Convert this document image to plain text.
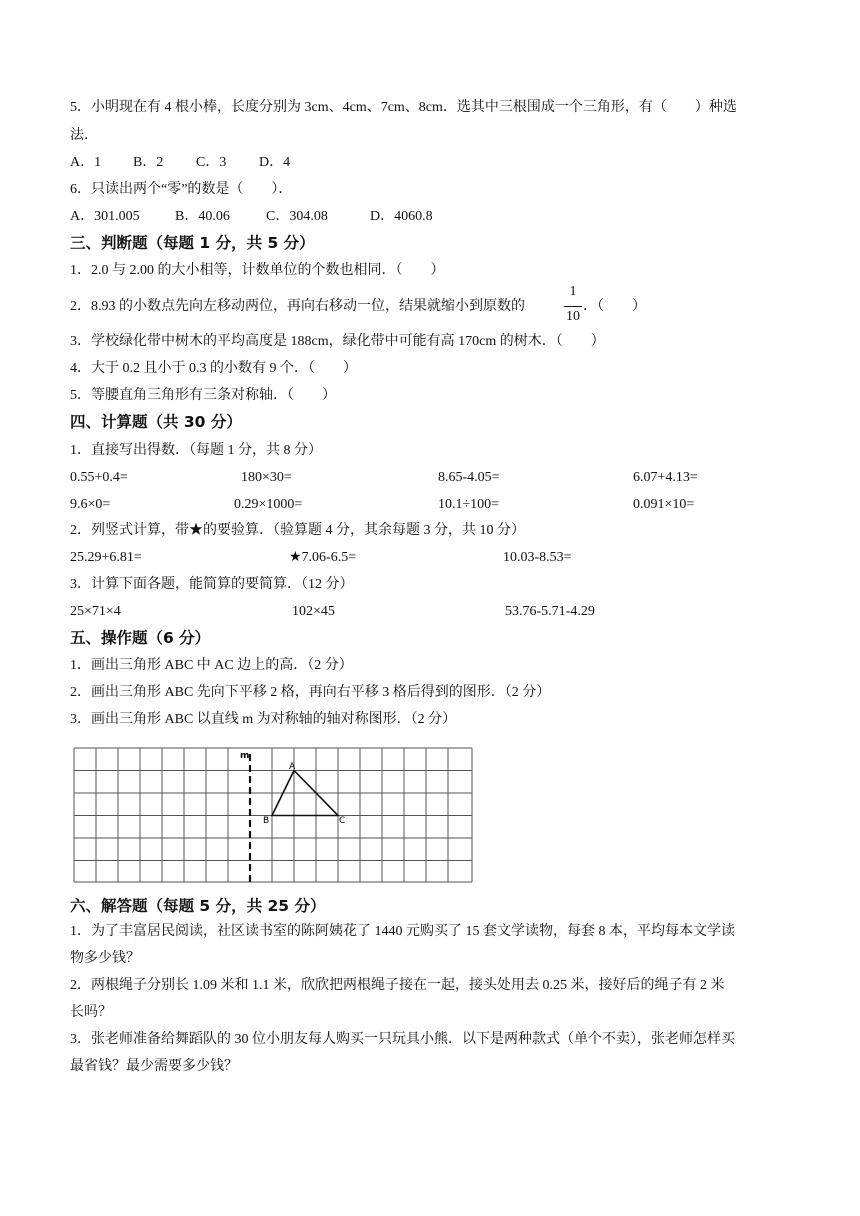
5．小明现在有 4 根小棒，长度分别为 3cm、4cm、7cm、8cm．选其中三根围成一个三角形，有（　　）种选
法．
A．1 B．2 C．3 D．4
6．只读出两个“零”的数是（　　）．
A．301.005	B．40.06	C．304.08	D．4060.8
三、判断题（每题 1 分，共 5 分）
1．2.0 与 2.00 的大小相等，计数单位的个数也相同．（　　）
2．8.93 的小数点先向左移动两位，再向右移动一位，结果就缩小到原数的
1
10
．（　　）
3．学校绿化带中树木的平均高度是 188cm，绿化带中可能有高 170cm 的树木．（　　）
4．大于 0.2 且小于 0.3 的小数有 9 个．（　　）
5．等腰直角三角形有三条对称轴．（　　）
四、计算题（共 30 分）
1．直接写出得数．（每题 1 分，共 8 分）
0.55+0.4=	180×30=	8.65-4.05=	6.07+4.13=
9.6×0=	0.29×1000=	10.1÷100=	0.091×10=
2．列竖式计算，带★的要验算．（验算题 4 分，其余每题 3 分，共 10 分）
25.29+6.81=	★7.06-6.5=	10.03-8.53=
3．计算下面各题，能简算的要简算．（12 分）
25×71×4	102×45	53.76-5.71-4.29
五、操作题（6 分）
1．画出三角形 ABC 中 AC 边上的高．（2 分）
2．画出三角形 ABC 先向下平移 2 格，再向右平移 3 格后得到的图形．（2 分）
3．画出三角形 ABC 以直线 m 为对称轴的轴对称图形．（2 分）
m
A
B	C
六、解答题（每题 5 分，共 25 分）
1．为了丰富居民阅读，社区读书室的陈阿姨花了 1440 元购买了 15 套文学读物，每套 8 本，平均每本文学读
物多少钱？
2．两根绳子分别长 1.09 米和 1.1 米，欣欣把两根绳子接在一起，接头处用去 0.25 米，接好后的绳子有 2 米
长吗？
3．张老师准备给舞蹈队的 30 位小朋友每人购买一只玩具小熊．以下是两种款式（单个不卖），张老师怎样买
最省钱？最少需要多少钱？
